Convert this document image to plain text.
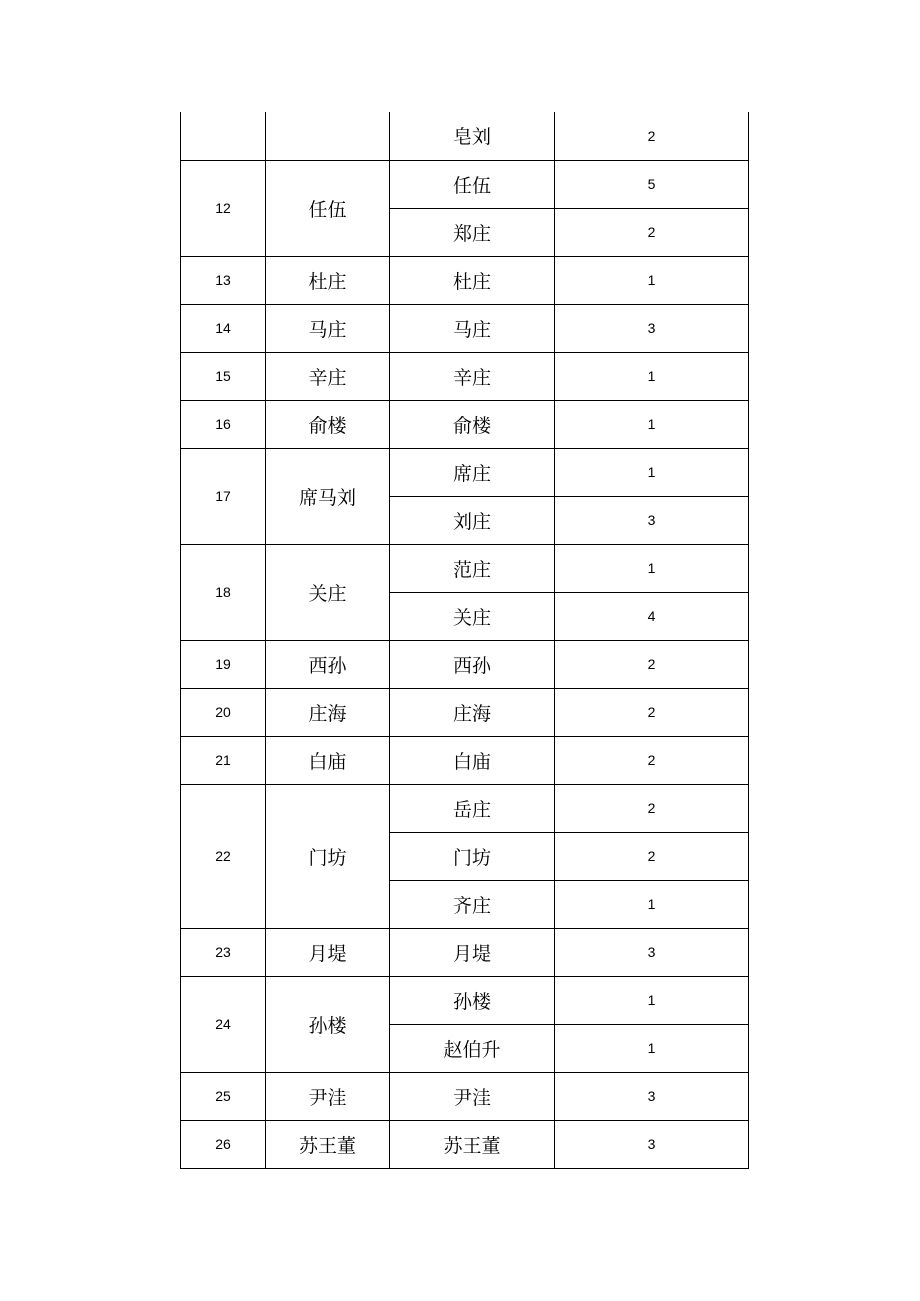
		皂刘	2
12	任伍	任伍	5
		郑庄	2
13	杜庄	杜庄	1
14	马庄	马庄	3
15	辛庄	辛庄	1
16	俞楼	俞楼	1
17	席马刘	席庄	1
		刘庄	3
18	关庄	范庄	1
		关庄	4
19	西孙	西孙	2
20	庄海	庄海	2
21	白庙	白庙	2
22	门坊	岳庄	2
		门坊	2
		齐庄	1
23	月堤	月堤	3
24	孙楼	孙楼	1
		赵伯升	1
25	尹洼	尹洼	3
26	苏王董	苏王董	3
